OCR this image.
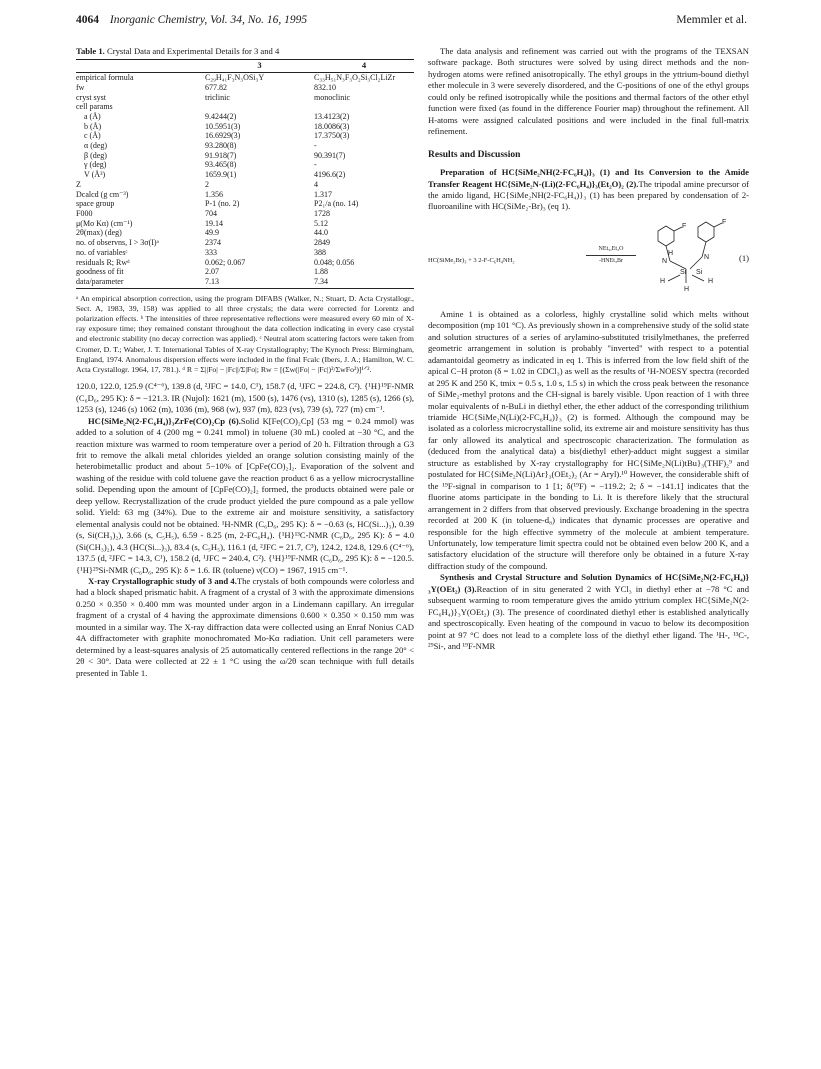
4064 Inorganic Chemistry, Vol. 34, No. 16, 1995	Memmler et al.
Table 1. Crystal Data and Experimental Details for 3 and 4
	3	4
empirical formula	C₂₉H₄₁F₃N₃OSi₃Y	C₃₃H₅₁N₃F₃O₂Si₃Cl₂LiZr
fw	677.82	832.10
cryst syst	triclinic	monoclinic
cell params		
a (Å)	9.4244(2)	13.4123(2)
b (Å)	10.5951(3)	18.0086(3)
c (Å)	16.6929(3)	17.3750(3)
α (deg)	93.280(8)	-
β (deg)	91.918(7)	90.391(7)
γ (deg)	93.465(8)	-
V (Å³)	1659.9(1)	4196.6(2)
Z	2	4
Dcalcd (g cm⁻³)	1.356	1.317
space group	P-1 (no. 2)	P2₁/a (no. 14)
F000	704	1728
μ(Mo Kα) (cm⁻¹)	19.14	5.12
2θ(max) (deg)	49.9	44.0
no. of observns, I > 3σ(I)ᵃ	2374	2849
no. of variablesᶜ	333	388
residuals R; Rwᵈ	0.062; 0.067	0.048; 0.056
goodness of fit	2.07	1.88
data/parameter	7.13	7.34
ᵃ An empirical absorption correction, using the program DIFABS (Walker, N.; Stuart, D. Acta Crystallogr., Sect. A, 1983, 39, 158) was applied to all three crystals; the data were corrected for Lorentz and polarization effects. ᵇ The intensities of three representative reflections were measured every 60 min of X-ray exposure time; they remained constant throughout the data collection indicating in every case crystal and electronic stability (no decay correction was applied). ᶜ Neutral atom scattering factors were taken from Cromer, D. T.; Waber, J. T. International Tables of X-ray Crystallography; The Kynoch Press: Birmingham, England, 1974. Anomalous dispersion effects were included in the final Fcalc (Ibers, J. A.; Hamilton, W. C. Acta Crystallogr. 1964, 17, 781.). ᵈ R = Σ||Fo| − |Fc||/Σ|Fo|; Rw = [(Σw(|Fo| − |Fc|)²/ΣwFo²)]¹ᐟ².

120.0, 122.0, 125.9 (C⁴⁻⁶), 139.8 (d, ²JFC = 14.0, C¹), 158.7 (d, ¹JFC = 224.8, C²). {¹H}¹⁹F-NMR (C₆D₆, 295 K): δ = −121.3. IR (Nujol): 1621 (m), 1500 (s), 1476 (vs), 1310 (s), 1285 (s), 1266 (s), 1253 (s), 1246 (s) 1062 (m), 1036 (m), 968 (w), 937 (m), 823 (vs), 739 (s), 727 (m) cm⁻¹.

HC{SiMe₂N(2-FC₆H₄)}₃ZrFe(CO)₂Cp (6).Solid K[Fe(CO)₂Cp] (53 mg = 0.24 mmol) was added to a solution of 4 (200 mg = 0.241 mmol) in toluene (30 mL) cooled at −30 °C, and the reaction mixture was warmed to room temperature over a period of 20 h. Filtration through a G3 frit to remove the alkali metal chlorides yielded an orange solution consisting mainly of the heterobimetallic product and about 5−10% of [CpFe(CO)₂]₂. Evaporation of the solvent and washing of the residue with cold toluene gave the reaction product 6 as a yellow microcrystalline solid. Depending upon the amount of [CpFe(CO)₂]₂ formed, the products obtained were pale or deep yellow. Recrystallization of the crude product yielded the pure compound as a pale yellow solid. Yield: 63 mg (34%). Due to the extreme air and moisture sensitivity, a satisfactory elemental analysis could not be obtained. ¹H-NMR (C₆D₆, 295 K): δ = −0.63 (s, HC(Si...)₃), 0.39 (s, Si(CH₃)₂), 3.66 (s, C₅H₅), 6.59 - 8.25 (m, 2-FC₆H₄). {¹H}¹³C-NMR (C₆D₆, 295 K): δ = 4.0 (Si(CH₃)₂), 4.3 (HC(Si...)₃), 83.4 (s, C₅H₅), 116.1 (d, ²JFC = 21.7, C³), 124.2, 124.8, 129.6 (C⁴⁻⁶), 137.5 (d, ²JFC = 14.3, C¹), 158.2 (d, ¹JFC = 240.4, C²). {¹H}¹⁹F-NMR (C₆D₆, 295 K): δ = −120.5. {¹H}²⁹Si-NMR (C₆D₆, 295 K): δ = 1.6. IR (toluene) ν(CO) = 1967, 1915 cm⁻¹.

X-ray Crystallographic study of 3 and 4.The crystals of both compounds were colorless and had a block shaped prismatic habit. A fragment of a crystal of 3 with the approximate dimensions 0.250 × 0.350 × 0.400 mm was mounted under argon in a Lindemann capillary. An irregular fragment of a crystal of 4 having the approximate dimensions 0.600 × 0.350 × 0.150 mm was mounted in a similar way. The X-ray diffraction data were collected using an Enraf Nonius CAD 4A diffractometer with graphite monochromated Mo-Kα radiation. Unit cell parameters were determined by a least-squares analysis of 25 automatically centered reflections in the range 20° < 2θ < 30°. Data were collected at 22 ± 1 °C using the ω/2θ scan technique with full details presented in Table 1.

The data analysis and refinement was carried out with the programs of the TEXSAN software package. Both structures were solved by using direct methods and the non-hydrogen atoms were refined anisotropically. The ethyl groups in the yttrium-bound diethyl ether molecule in 3 were severely disordered, and the C-positions of one of the ethyl groups could only be refined isotropically while the positions and thermal factors of the other ethyl function were fixed (as found in the difference Fourier map) throughout the refinement. All H-atoms were assigned calculated positions and were included in the final full-matrix refinement.

Results and Discussion

Preparation of HC{SiMe₂NH(2-FC₆H₄)}₃ (1) and Its Conversion to the Amide Transfer Reagent HC{SiMe₂N-(Li)(2-FC₆H₄)}₃(Et₂O)₂ (2).The tripodal amine precursor of the amido ligand, HC{SiMe₂NH(2-FC₆H₄)}₃ (1) has been prepared by condensation of 2-fluoroaniline with HC(SiMe₂-Br)₃ (eq 1).

HC(SiMe₂Br)₃ + 3 2-F-C₆H₄NH₂
NEt₃,Et₂O
-HNEt₃Br
F
F
N
N
Si Si
H
H
H
H
(1)

Amine 1 is obtained as a colorless, highly crystalline solid which melts without decomposition (mp 101 °C). As previously shown in a comprehensive study of the solid state and solution structures of a series of arylamino-substituted trisilylmethanes, the preferred geometric arrangement in solution is probably "inverted" with respect to a potential adamantoidal geometry as indicated in eq 1. This is inferred from the low field shift of the apical C−H proton (δ = 1.02 in CDCl₃) as well as the results of ¹H-NOESY spectra (recorded at 295 K and 250 K, tmix = 0.5 s, 1.0 s, 1.5 s) in which the cross peak between the resonance of SiMe₂-methyl protons and the CH-signal is barely visible. Upon reaction of 1 with three molar equivalents of n-BuLi in diethyl ether, the ether adduct of the corresponding trilithium triamide HC{SiMe₂N(Li)(2-FC₆H₄)}₃ (2) is formed. Although the compound may be isolated as a colorless microcrystalline solid, its extreme air and moisture sensitivity has thus far only allowed its analytical and spectroscopic characterization. The formulation as (deduced from the analytical data) a bis(diethyl ether)-adduct might suggest a similar structure as established by X-ray crystallography for HC{SiMe₂N(Li)tBu}₃(THF)₂⁹ and postulated for HC{SiMe₂N(Li)Ar}₃(OEt₂)₂ (Ar = Aryl).¹⁰ However, the considerable shift of the ¹⁹F-signal in comparison to 1 [1; δ(¹⁹F) = −119.2; 2; δ = −141.1] indicates that the fluorine atoms participate in the bonding to Li. It is therefore likely that the structural arrangement in 2 differs from that observed previously. Exchange broadening in the spectra recorded at 200 K (in toluene-d₈) indicates that dynamic processes are operative and responsible for the high effective symmetry of the molecule at ambient temperature. Unfortunately, low temperature limit spectra could not be obtained even below 200 K, and a satisfactory elucidation of the structure will therefore only be obtained in a future X-ray diffraction study of the compound.

Synthesis and Crystal Structure and Solution Dynamics of HC{SiMe₂N(2-FC₆H₄)}₃Y(OEt₂) (3).Reaction of in situ generated 2 with YCl₃ in diethyl ether at −78 °C and subsequent warming to room temperature gives the amido yttrium complex HC{SiMe₂N(2-FC₆H₄)}₃Y(OEt₂) (3). The presence of coordinated diethyl ether is established analytically and spectroscopically. Even heating of the compound in vacuo to below its decomposition point at 97 °C does not lead to a complete loss of the diethyl ether ligand. The ¹H-, ¹³C-, ²⁹Si-, and ¹⁹F-NMR
